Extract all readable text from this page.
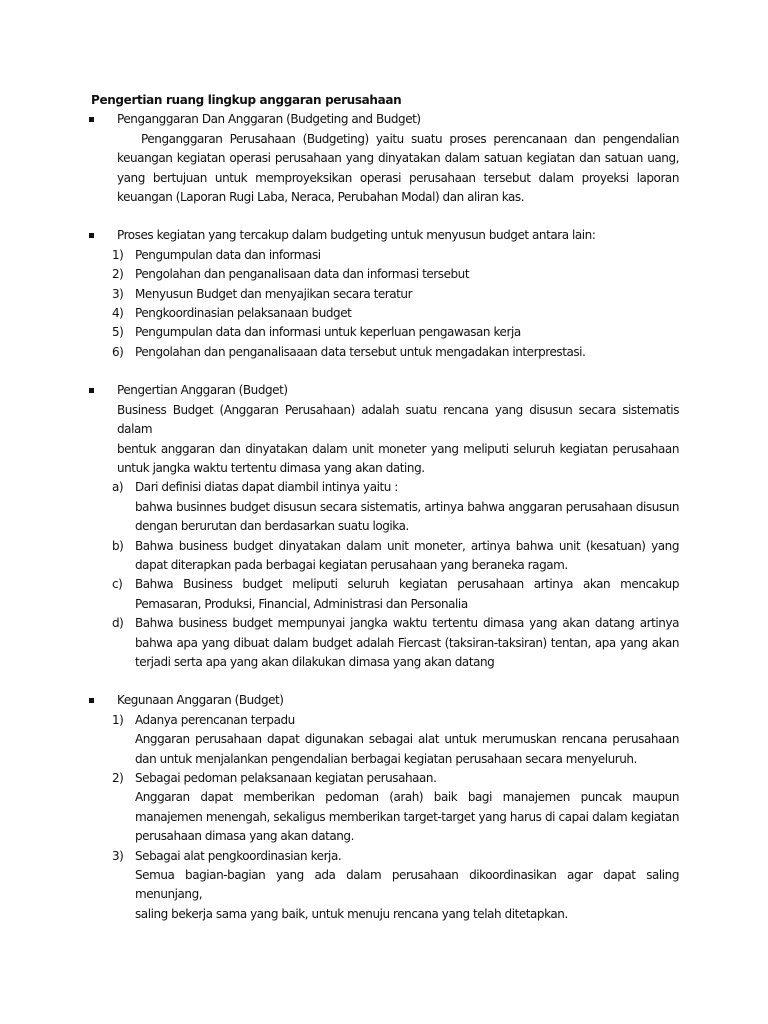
Pengertian ruang lingkup anggaran perusahaan
Penganggaran Dan Anggaran (Budgeting and Budget)
Penganggaran Perusahaan (Budgeting) yaitu suatu proses perencanaan dan pengendalian
keuangan kegiatan operasi perusahaan yang dinyatakan dalam satuan kegiatan dan satuan uang,
yang bertujuan untuk memproyeksikan operasi perusahaan tersebut dalam proyeksi laporan
keuangan (Laporan Rugi Laba, Neraca, Perubahan Modal) dan aliran kas.
Proses kegiatan yang tercakup dalam budgeting untuk menyusun budget antara lain:
1) Pengumpulan data dan informasi
2) Pengolahan dan penganalisaan data dan informasi tersebut
3) Menyusun Budget dan menyajikan secara teratur
4) Pengkoordinasian pelaksanaan budget
5) Pengumpulan data dan informasi untuk keperluan pengawasan kerja
6) Pengolahan dan penganalisaaan data tersebut untuk mengadakan interprestasi.
Pengertian Anggaran (Budget)
Business Budget (Anggaran Perusahaan) adalah suatu rencana yang disusun secara sistematis dalam
bentuk anggaran dan dinyatakan dalam unit moneter yang meliputi seluruh kegiatan perusahaan
untuk jangka waktu tertentu dimasa yang akan dating.
a) Dari definisi diatas dapat diambil intinya yaitu :
bahwa businnes budget disusun secara sistematis, artinya bahwa anggaran perusahaan disusun
dengan berurutan dan berdasarkan suatu logika.
b) Bahwa business budget dinyatakan dalam unit moneter, artinya bahwa unit (kesatuan) yang
dapat diterapkan pada berbagai kegiatan perusahaan yang beraneka ragam.
c) Bahwa Business budget meliputi seluruh kegiatan perusahaan artinya akan mencakup
Pemasaran, Produksi, Financial, Administrasi dan Personalia
d) Bahwa business budget mempunyai jangka waktu tertentu dimasa yang akan datang artinya
bahwa apa yang dibuat dalam budget adalah Fiercast (taksiran-taksiran) tentan, apa yang akan
terjadi serta apa yang akan dilakukan dimasa yang akan datang
Kegunaan Anggaran (Budget)
1) Adanya perencanan terpadu
Anggaran perusahaan dapat digunakan sebagai alat untuk merumuskan rencana perusahaan
dan untuk menjalankan pengendalian berbagai kegiatan perusahaan secara menyeluruh.
2) Sebagai pedoman pelaksanaan kegiatan perusahaan.
Anggaran dapat memberikan pedoman (arah) baik bagi manajemen puncak maupun
manajemen menengah, sekaligus memberikan target-target yang harus di capai dalam kegiatan
perusahaan dimasa yang akan datang.
3) Sebagai alat pengkoordinasian kerja.
Semua bagian-bagian yang ada dalam perusahaan dikoordinasikan agar dapat saling menunjang,
saling bekerja sama yang baik, untuk menuju rencana yang telah ditetapkan.
